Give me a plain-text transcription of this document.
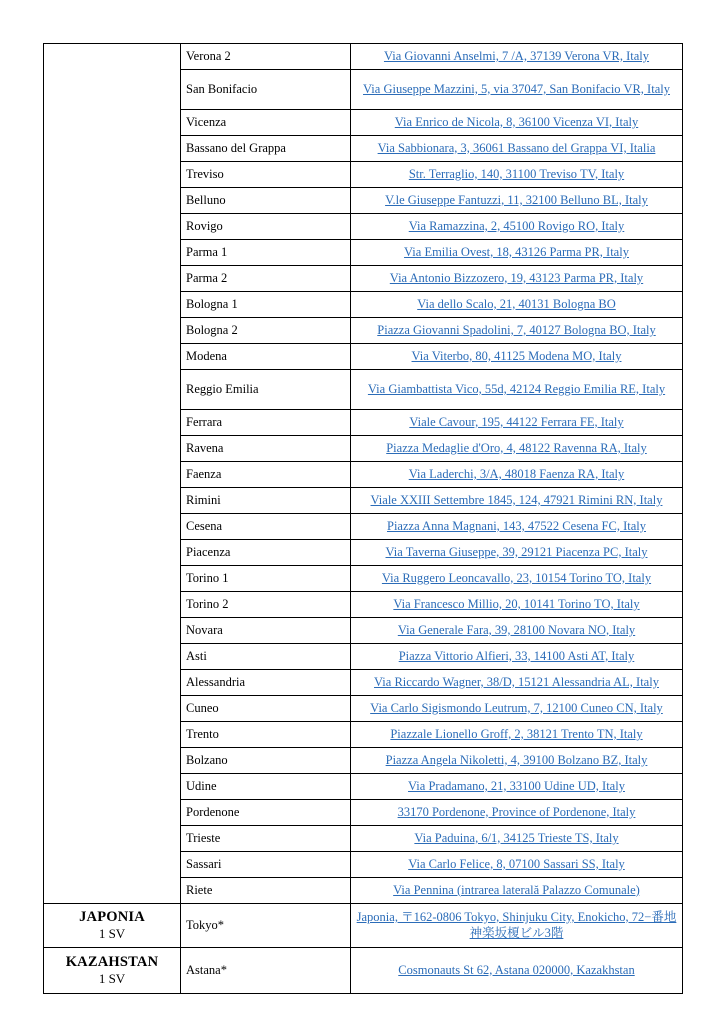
	Verona 2	Via Giovanni Anselmi, 7 /A, 37139 Verona VR, Italy
	San Bonifacio	Via Giuseppe Mazzini, 5, via 37047, San Bonifacio VR, Italy
	Vicenza	Via Enrico de Nicola, 8, 36100 Vicenza VI, Italy
	Bassano del Grappa	Via Sabbionara, 3, 36061 Bassano del Grappa VI, Italia
	Treviso	Str. Terraglio, 140, 31100 Treviso TV, Italy
	Belluno	V.le Giuseppe Fantuzzi, 11, 32100 Belluno BL, Italy
	Rovigo	Via Ramazzina, 2, 45100 Rovigo RO, Italy
	Parma 1	Via Emilia Ovest, 18, 43126 Parma PR, Italy
	Parma 2	Via Antonio Bizzozero, 19, 43123 Parma PR, Italy
	Bologna 1	Via dello Scalo, 21, 40131 Bologna BO
	Bologna 2	Piazza Giovanni Spadolini, 7, 40127 Bologna BO, Italy
	Modena	Via Viterbo, 80, 41125 Modena MO, Italy
	Reggio Emilia	Via Giambattista Vico, 55d, 42124 Reggio Emilia RE, Italy
	Ferrara	Viale Cavour, 195, 44122 Ferrara FE, Italy
	Ravena	Piazza Medaglie d'Oro, 4, 48122 Ravenna RA, Italy
	Faenza	Via Laderchi, 3/A, 48018 Faenza RA, Italy
	Rimini	Viale XXIII Settembre 1845, 124, 47921 Rimini RN, Italy
	Cesena	Piazza Anna Magnani, 143, 47522 Cesena FC, Italy
	Piacenza	Via Taverna Giuseppe, 39, 29121 Piacenza PC, Italy
	Torino 1	Via Ruggero Leoncavallo, 23, 10154 Torino TO, Italy
	Torino 2	Via Francesco Millio, 20, 10141 Torino TO, Italy
	Novara	Via Generale Fara, 39, 28100 Novara NO, Italy
	Asti	Piazza Vittorio Alfieri, 33, 14100 Asti AT, Italy
	Alessandria	Via Riccardo Wagner, 38/D, 15121 Alessandria AL, Italy
	Cuneo	Via Carlo Sigismondo Leutrum, 7, 12100 Cuneo CN, Italy
	Trento	Piazzale Lionello Groff, 2, 38121 Trento TN, Italy
	Bolzano	Piazza Angela Nikoletti, 4, 39100 Bolzano BZ, Italy
	Udine	Via Pradamano, 21, 33100 Udine UD, Italy
	Pordenone	33170 Pordenone, Province of Pordenone, Italy
	Trieste	Via Paduina, 6/1, 34125 Trieste TS, Italy
	Sassari	Via Carlo Felice, 8, 07100 Sassari SS, Italy
	Riete	Via Pennina (intrarea laterală Palazzo Comunale)

JAPONIA
1 SV	Tokyo*	Japonia, 〒162-0806 Tokyo, Shinjuku City, Enokicho, 72−番地 神楽坂榎ビル3階

KAZAHSTAN
1 SV	Astana*	Cosmonauts St 62, Astana 020000, Kazakhstan
